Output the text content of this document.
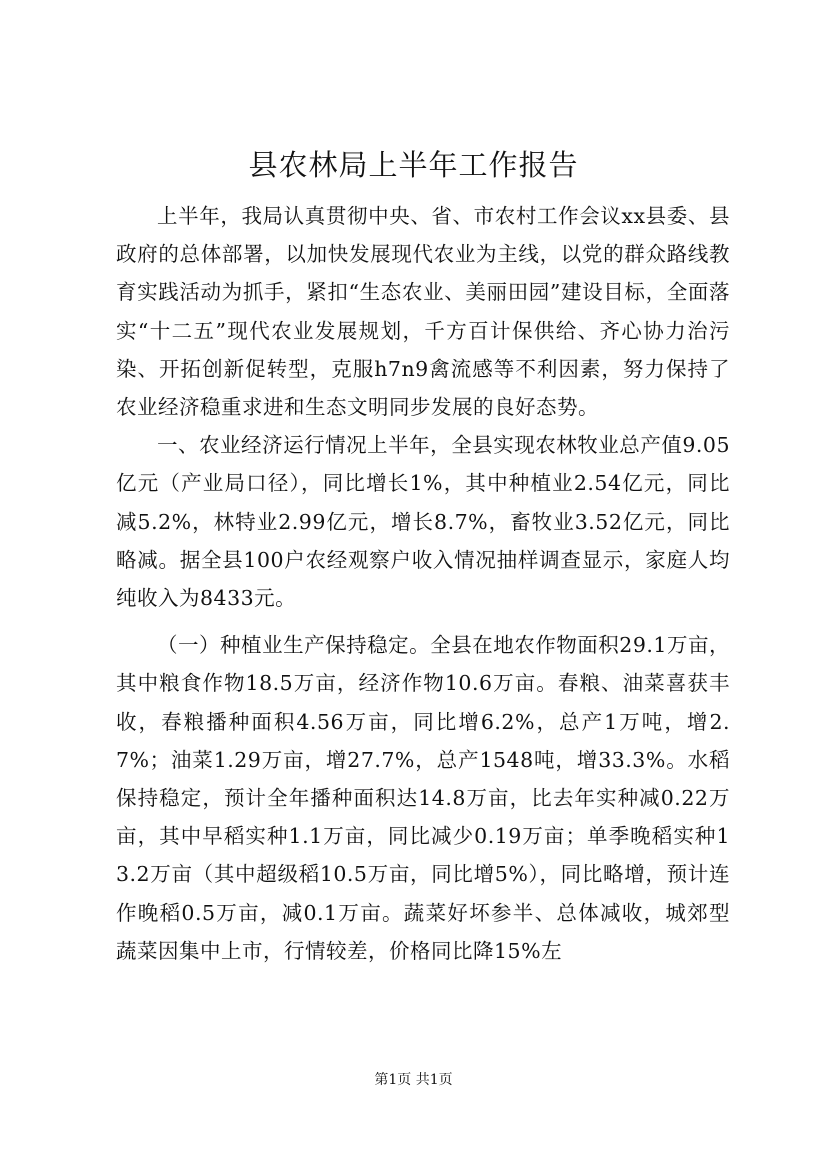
县农林局上半年工作报告

上半年，我局认真贯彻中央、省、市农村工作会议xx县委、县政府的总体部署，以加快发展现代农业为主线，以党的群众路线教育实践活动为抓手，紧扣“生态农业、美丽田园”建设目标，全面落实“十二五”现代农业发展规划，千方百计保供给、齐心协力治污染、开拓创新促转型，克服h7n9禽流感等不利因素，努力保持了农业经济稳重求进和生态文明同步发展的良好态势。

一、农业经济运行情况上半年，全县实现农林牧业总产值9.05亿元（产业局口径），同比增长1%，其中种植业2.54亿元，同比减5.2%，林特业2.99亿元，增长8.7%，畜牧业3.52亿元，同比略减。据全县100户农经观察户收入情况抽样调查显示，家庭人均纯收入为8433元。

（一）种植业生产保持稳定。全县在地农作物面积29.1万亩，其中粮食作物18.5万亩，经济作物10.6万亩。春粮、油菜喜获丰收，春粮播种面积4.56万亩，同比增6.2%，总产1万吨，增2.7%；油菜1.29万亩，增27.7%，总产1548吨，增33.3%。水稻保持稳定，预计全年播种面积达14.8万亩，比去年实种减0.22万亩，其中早稻实种1.1万亩，同比减少0.19万亩；单季晚稻实种13.2万亩（其中超级稻10.5万亩，同比增5%），同比略增，预计连作晚稻0.5万亩，减0.1万亩。蔬菜好坏参半、总体减收，城郊型蔬菜因集中上市，行情较差，价格同比降15%左

第1页 共1页
